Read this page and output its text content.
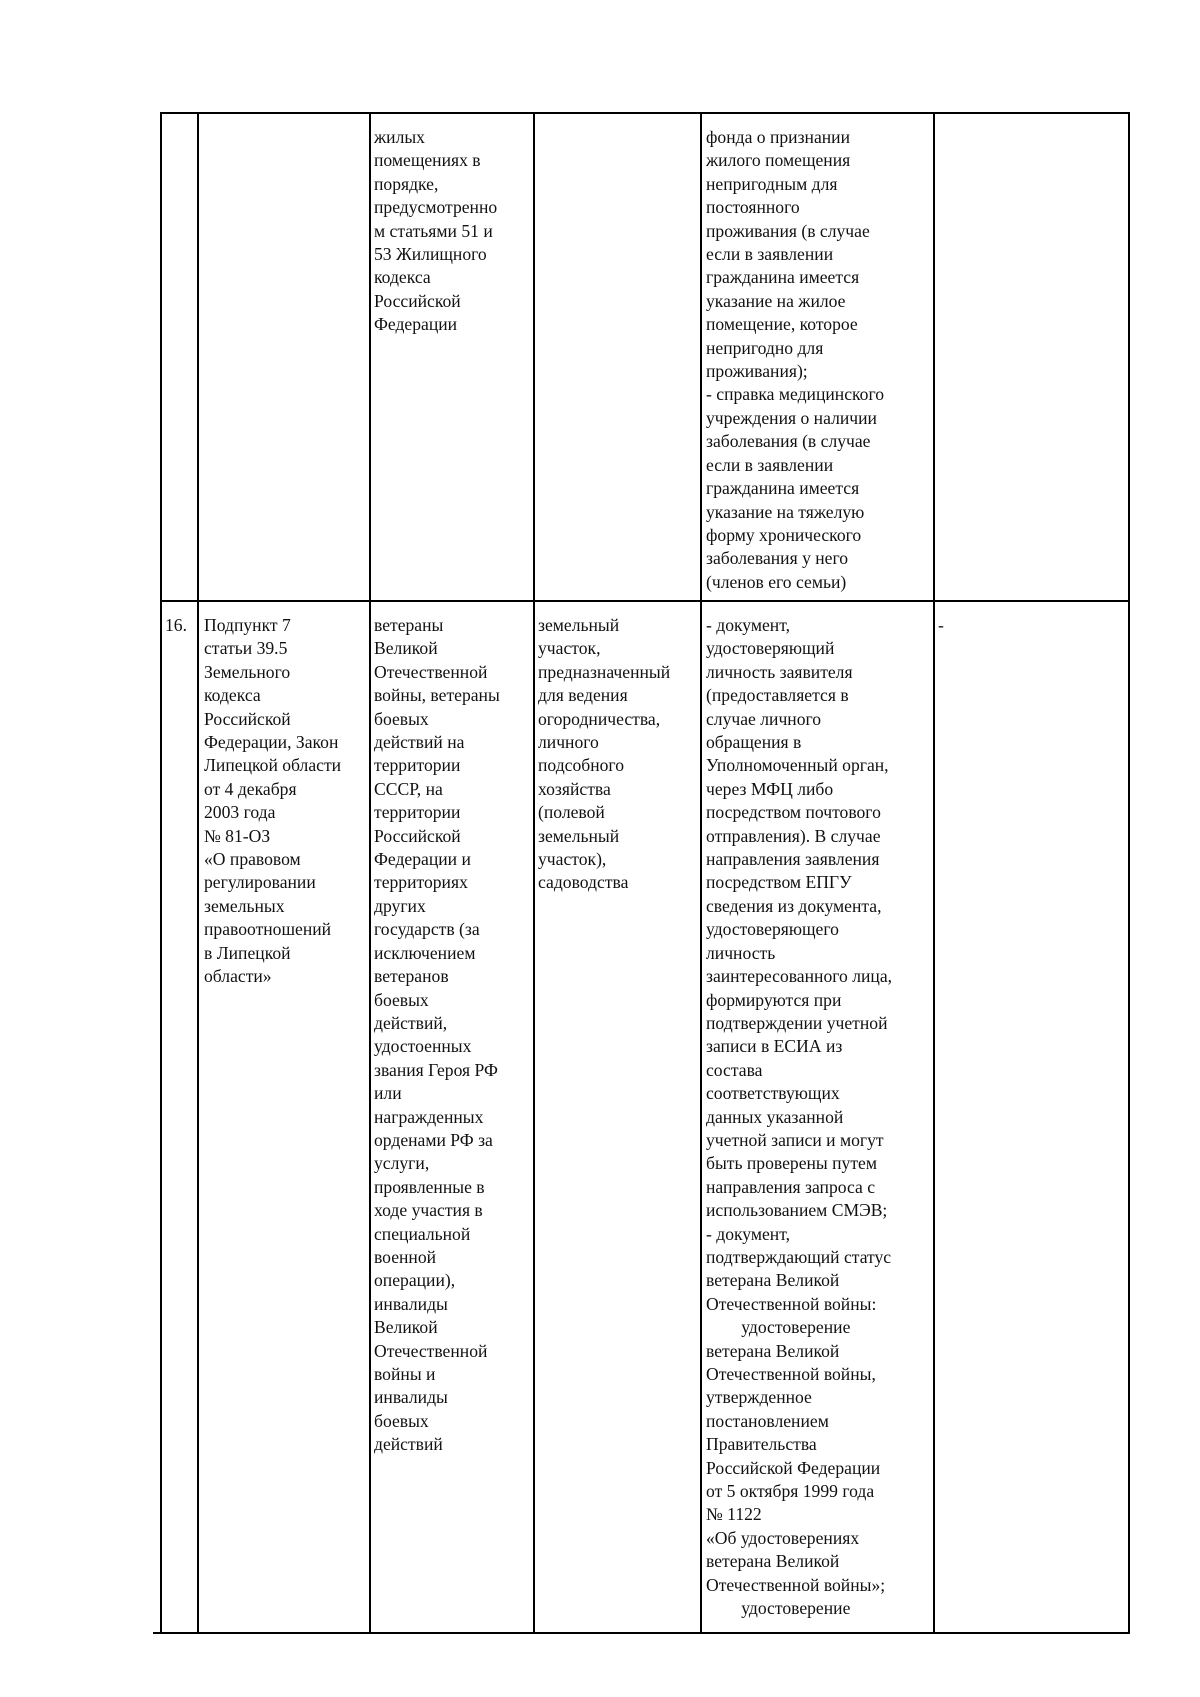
жилых
помещениях в
порядке,
предусмотренно
м статьями 51 и
53 Жилищного
кодекса
Российской
Федерации
фонда о признании
жилого помещения
непригодным для
постоянного
проживания (в случае
если в заявлении
гражданина имеется
указание на жилое
помещение, которое
непригодно для
проживания);
- справка медицинского
учреждения о наличии
заболевания (в случае
если в заявлении
гражданина имеется
указание на тяжелую
форму хронического
заболевания у него
(членов его семьи)
16. Подпункт 7
статьи 39.5
Земельного
кодекса
Российской
Федерации, Закон
Липецкой области
от 4 декабря
2003 года
№ 81-ОЗ
«О правовом
регулировании
земельных
правоотношений
в Липецкой
области»
ветераны
Великой
Отечественной
войны, ветераны
боевых
действий на
территории
СССР, на
территории
Российской
Федерации и
территориях
других
государств (за
исключением
ветеранов
боевых
действий,
удостоенных
звания Героя РФ
или
награжденных
орденами РФ за
услуги,
проявленные в
ходе участия в
специальной
военной
операции),
инвалиды
Великой
Отечественной
войны и
инвалиды
боевых
действий
земельный
участок,
предназначенный
для ведения
огородничества,
личного
подсобного
хозяйства
(полевой
земельный
участок),
садоводства
- документ,
удостоверяющий
личность заявителя
(предоставляется в
случае личного
обращения в
Уполномоченный орган,
через МФЦ либо
посредством почтового
отправления). В случае
направления заявления
посредством ЕПГУ
сведения из документа,
удостоверяющего
личность
заинтересованного лица,
формируются при
подтверждении учетной
записи в ЕСИА из
состава
соответствующих
данных указанной
учетной записи и могут
быть проверены путем
направления запроса с
использованием СМЭВ;
- документ,
подтверждающий статус
ветерана Великой
Отечественной войны:
удостоверение
ветерана Великой
Отечественной войны,
утвержденное
постановлением
Правительства
Российской Федерации
от 5 октября 1999 года
№ 1122
«Об удостоверениях
ветерана Великой
Отечественной войны»;
удостоверение
-
